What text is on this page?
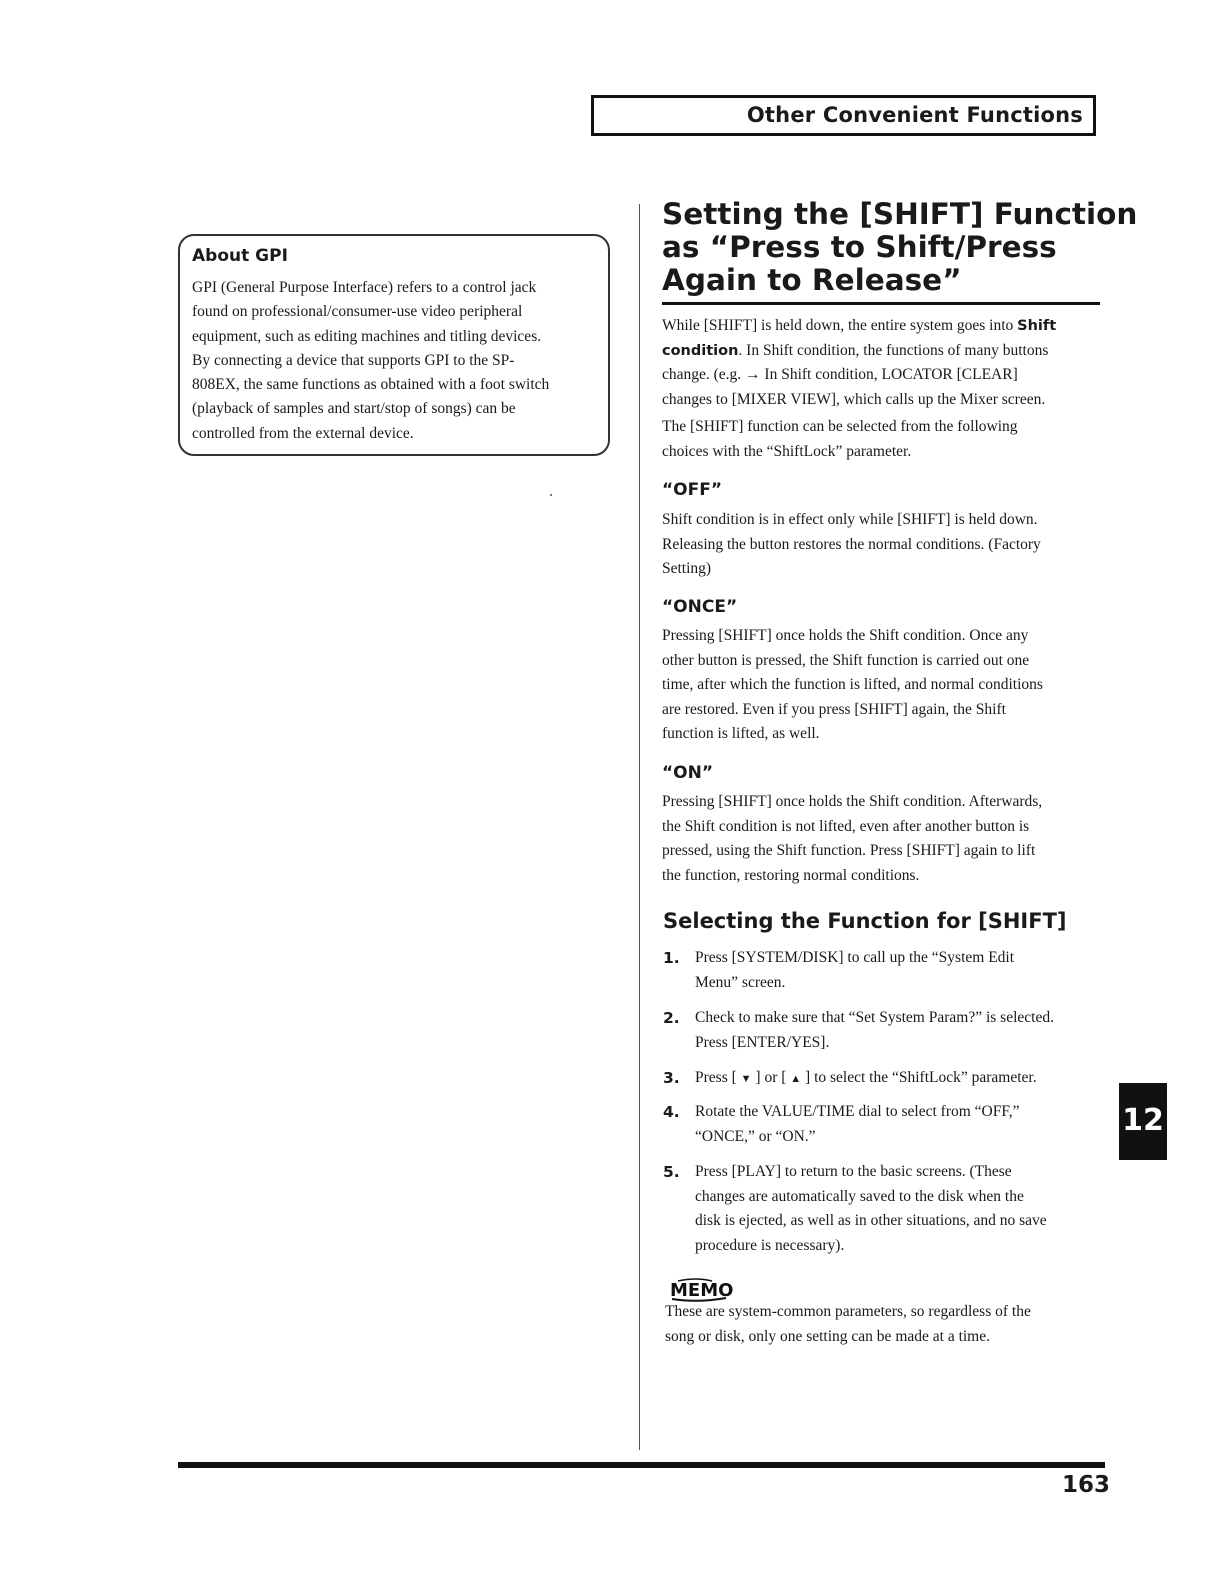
Other Convenient Functions
About GPI
GPI (General Purpose Interface) refers to a control jack
found on professional/consumer-use video peripheral
equipment, such as editing machines and titling devices.
By connecting a device that supports GPI to the SP-
808EX, the same functions as obtained with a foot switch
(playback of samples and start/stop of songs) can be
controlled from the external device.
Setting the [SHIFT] Function
as “Press to Shift/Press
Again to Release”
While [SHIFT] is held down, the entire system goes into Shift
condition. In Shift condition, the functions of many buttons
change. (e.g. → In Shift condition, LOCATOR [CLEAR]
changes to [MIXER VIEW], which calls up the Mixer screen.
The [SHIFT] function can be selected from the following
choices with the “ShiftLock” parameter.
“OFF”
Shift condition is in effect only while [SHIFT] is held down.
Releasing the button restores the normal conditions. (Factory
Setting)
“ONCE”
Pressing [SHIFT] once holds the Shift condition. Once any
other button is pressed, the Shift function is carried out one
time, after which the function is lifted, and normal conditions
are restored. Even if you press [SHIFT] again, the Shift
function is lifted, as well.
“ON”
Pressing [SHIFT] once holds the Shift condition. Afterwards,
the Shift condition is not lifted, even after another button is
pressed, using the Shift function. Press [SHIFT] again to lift
the function, restoring normal conditions.
Selecting the Function for [SHIFT]
1. Press [SYSTEM/DISK] to call up the “System Edit
Menu” screen.
2. Check to make sure that “Set System Param?” is selected.
Press [ENTER/YES].
3. Press [ ▼ ] or [ ▲ ] to select the “ShiftLock” parameter.
4. Rotate the VALUE/TIME dial to select from “OFF,”
“ONCE,” or “ON.”
5. Press [PLAY] to return to the basic screens. (These
changes are automatically saved to the disk when the
disk is ejected, as well as in other situations, and no save
procedure is necessary).
MEMO
These are system-common parameters, so regardless of the
song or disk, only one setting can be made at a time.
12
163
